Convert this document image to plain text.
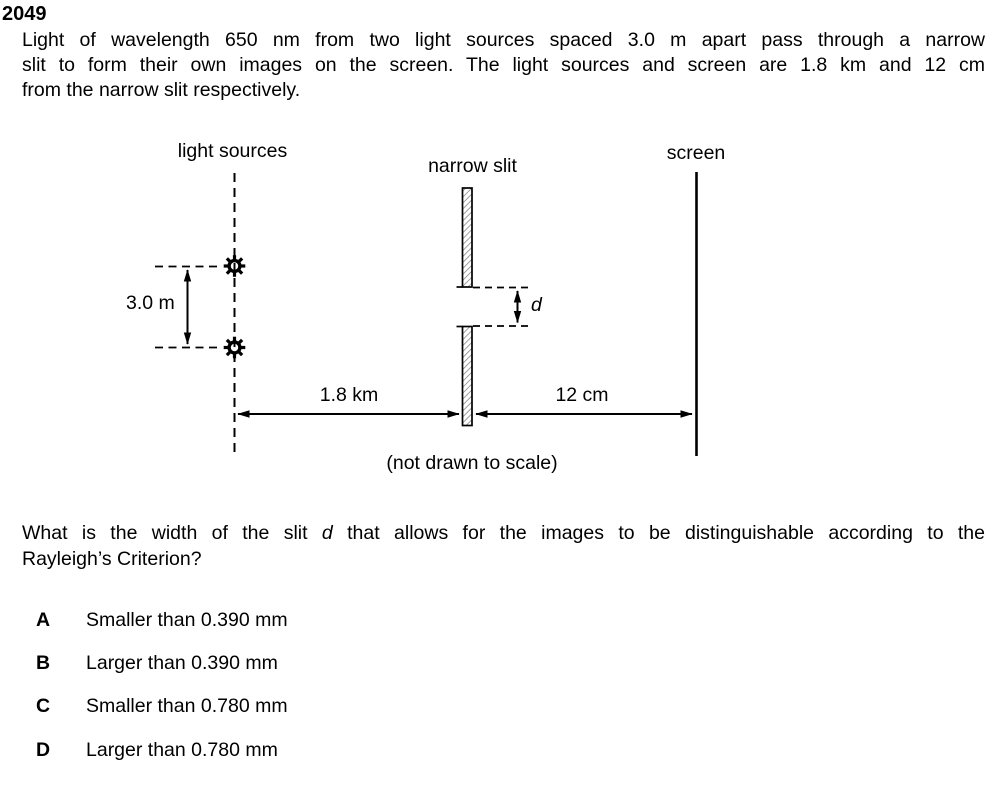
2049
Light of wavelength 650 nm from two light sources spaced 3.0 m apart pass through a narrow
slit to form their own images on the screen. The light sources and screen are 1.8 km and 12 cm
from the narrow slit respectively.
light sources
narrow slit
screen
3.0 m	d
1.8 km	12 cm
(not drawn to scale)
What is the width of the slit d that allows for the images to be distinguishable according to the
Rayleigh’s Criterion?
A Smaller than 0.390 mm
B Larger than 0.390 mm
C Smaller than 0.780 mm
D Larger than 0.780 mm
